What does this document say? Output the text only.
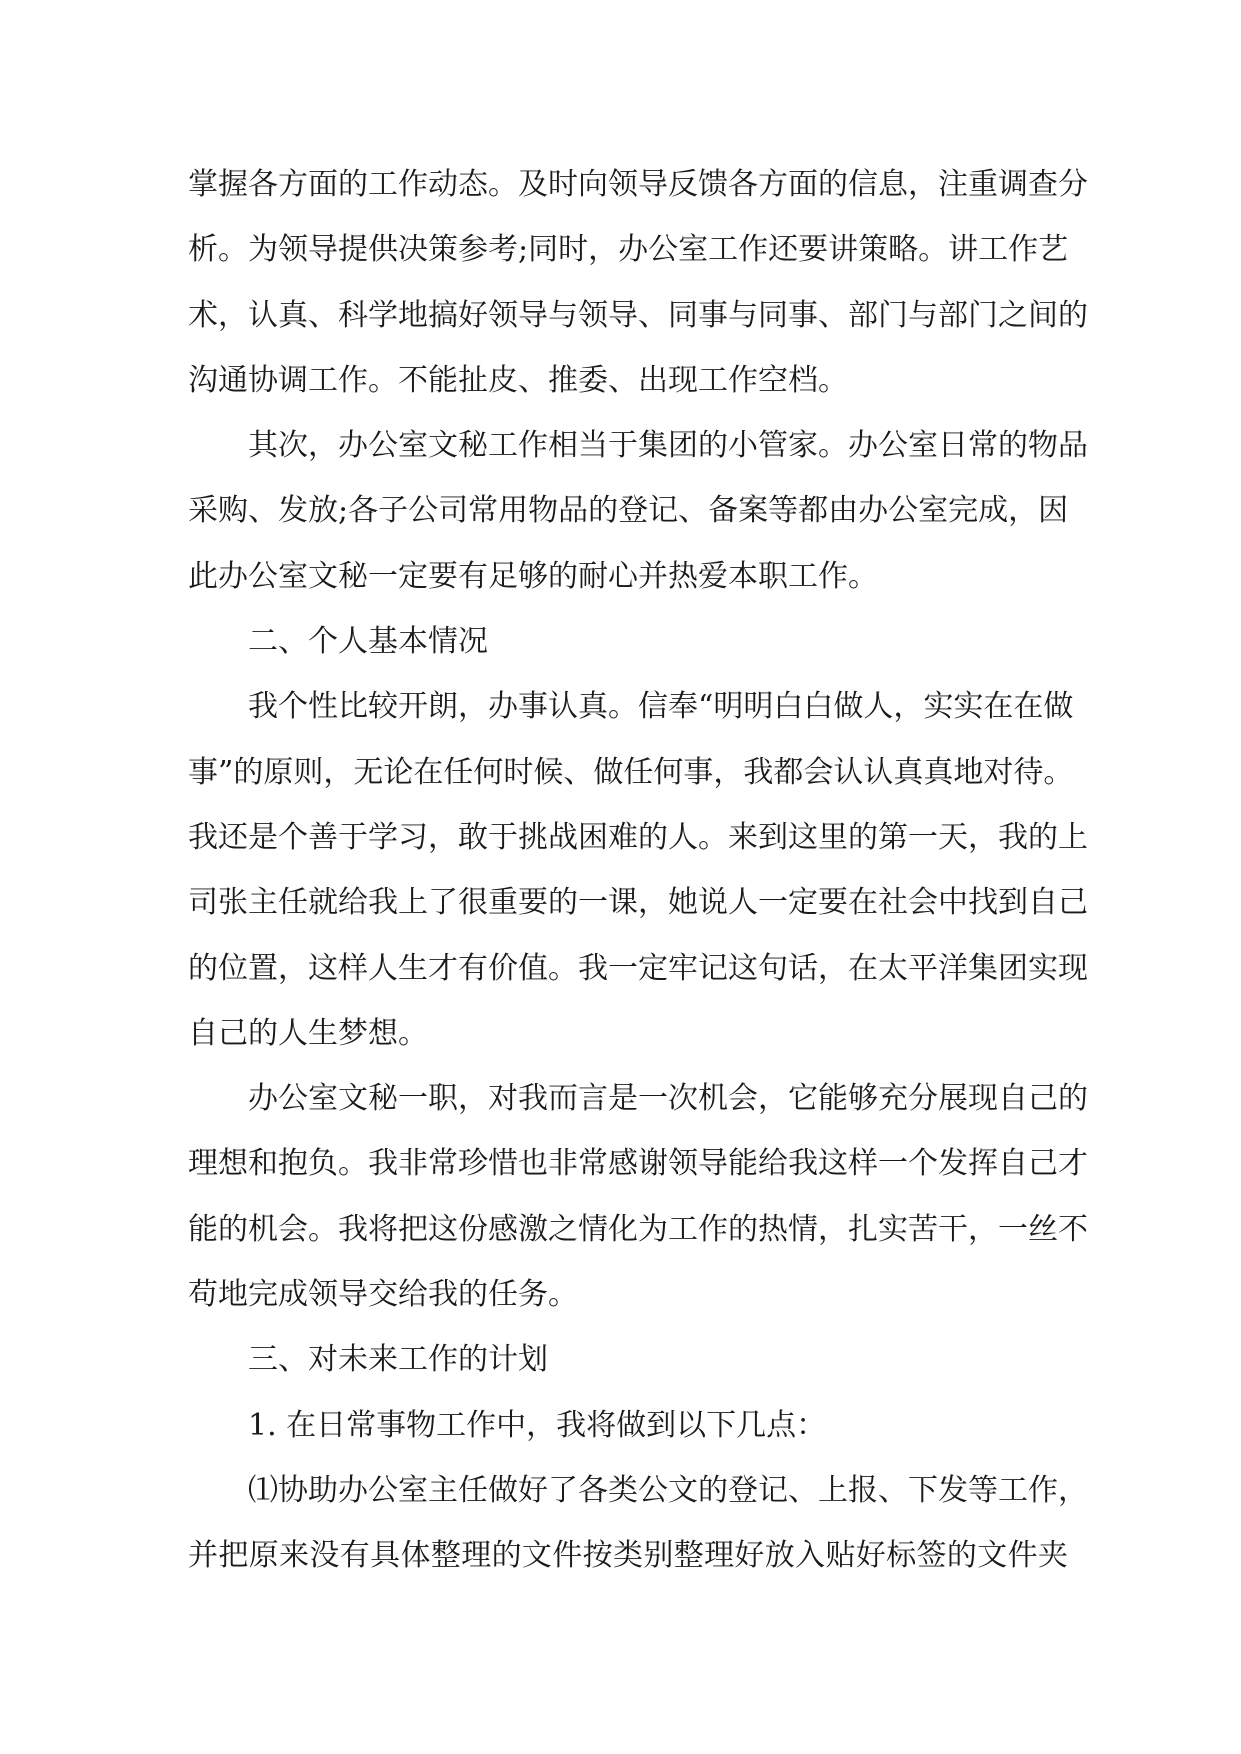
掌握各方面的工作动态。及时向领导反馈各方面的信息，注重调查分
析。为领导提供决策参考;同时，办公室工作还要讲策略。讲工作艺
术，认真、科学地搞好领导与领导、同事与同事、部门与部门之间的
沟通协调工作。不能扯皮、推委、出现工作空档。
其次，办公室文秘工作相当于集团的小管家。办公室日常的物品
采购、发放;各子公司常用物品的登记、备案等都由办公室完成，因
此办公室文秘一定要有足够的耐心并热爱本职工作。
二、个人基本情况
我个性比较开朗，办事认真。信奉“明明白白做人，实实在在做
事”的原则，无论在任何时候、做任何事，我都会认认真真地对待。
我还是个善于学习，敢于挑战困难的人。来到这里的第一天，我的上
司张主任就给我上了很重要的一课，她说人一定要在社会中找到自己
的位置，这样人生才有价值。我一定牢记这句话，在太平洋集团实现
自己的人生梦想。
办公室文秘一职，对我而言是一次机会，它能够充分展现自己的
理想和抱负。我非常珍惜也非常感谢领导能给我这样一个发挥自己才
能的机会。我将把这份感激之情化为工作的热情，扎实苦干，一丝不
苟地完成领导交给我的任务。
三、对未来工作的计划
1. 在日常事物工作中，我将做到以下几点：
⑴协助办公室主任做好了各类公文的登记、上报、下发等工作，
并把原来没有具体整理的文件按类别整理好放入贴好标签的文件夹
